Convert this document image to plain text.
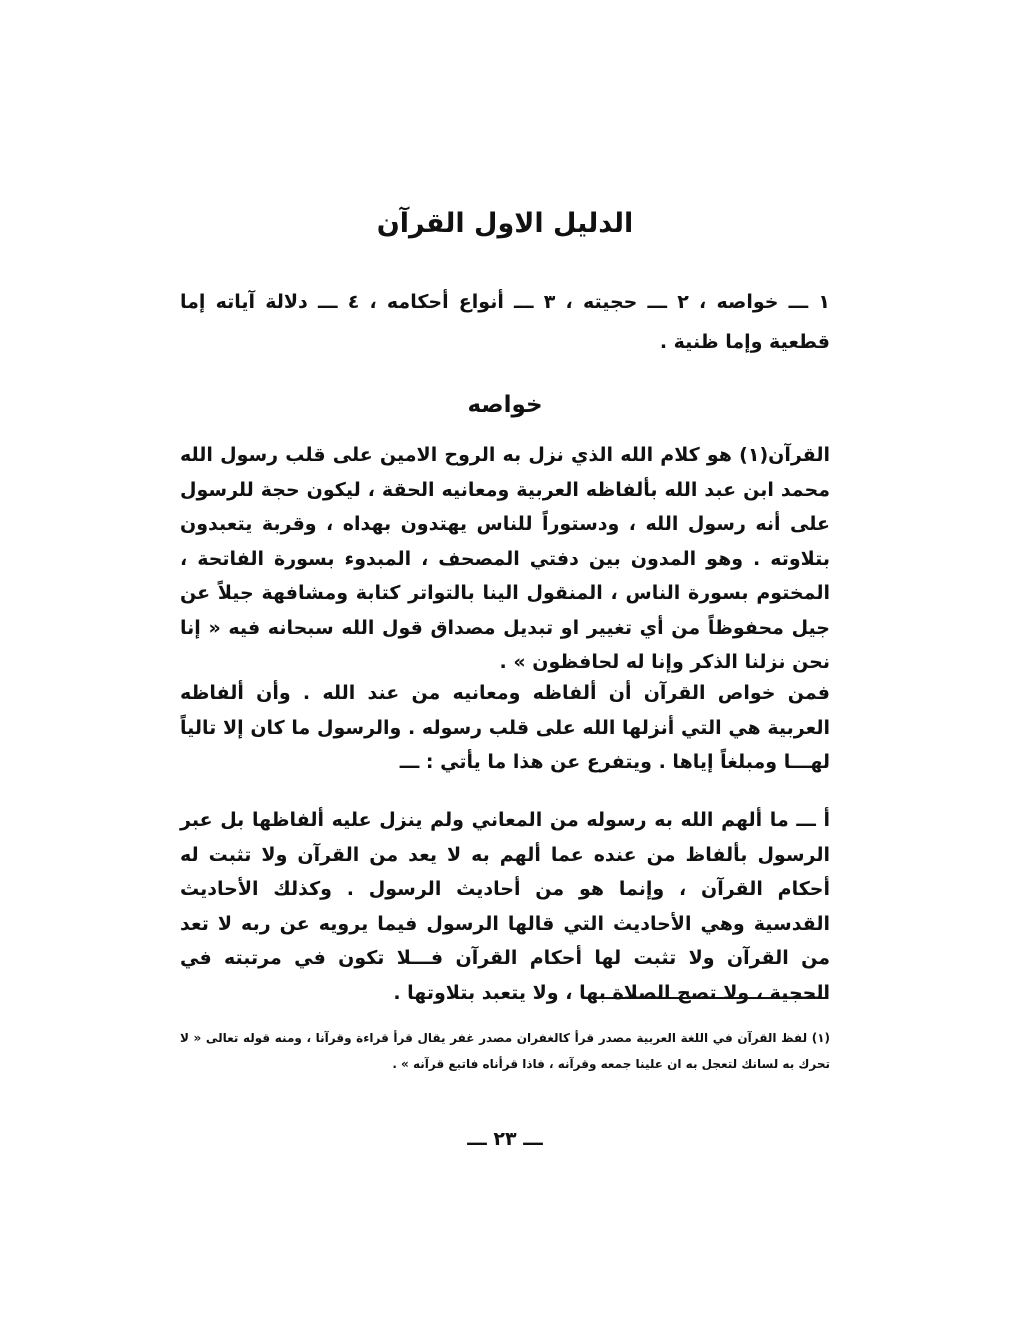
الدليل الاول القرآن
١ ـــ خواصه ، ٢ ـــ حجيته ، ٣ ـــ أنواع أحكامه ، ٤ ـــ دلالة آياته إما قطعية وإما ظنية .
خواصه
القرآن(١) هو كلام الله الذي نزل به الروح الامين على قلب رسول الله محمد ابن عبد الله بألفاظه العربية ومعانيه الحقة ، ليكون حجة للرسول على أنه رسول الله ، ودستوراً للناس يهتدون بهداه ، وقربة يتعبدون بتلاوته . وهو المدون بين دفتي المصحف ، المبدوء بسورة الفاتحة ، المختوم بسورة الناس ، المنقول الينا بالتواتر كتابة ومشافهة جيلاً عن جيل محفوظاً من أي تغيير او تبديل مصداق قول الله سبحانه فيه « إنا نحن نزلنا الذكر وإنا له لحافظون » .
فمن خواص القرآن أن ألفاظه ومعانيه من عند الله . وأن ألفاظه العربية هي التي أنزلها الله على قلب رسوله . والرسول ما كان إلا تالياً لهـــا ومبلغاً إياها . ويتفرع عن هذا ما يأتي : ـــ
أ ـــ ما ألهم الله به رسوله من المعاني ولم ينزل عليه ألفاظها بل عبر الرسول بألفاظ من عنده عما ألهم به لا يعد من القرآن ولا تثبت له أحكام القرآن ، وإنما هو من أحاديث الرسول . وكذلك الأحاديث القدسية وهي الأحاديث التي قالها الرسول فيما يرويه عن ربه لا تعد من القرآن ولا تثبت لها أحكام القرآن فـــلا تكون في مرتبته في الحجية ، ولا تصح الصلاة بها ، ولا يتعبد بتلاوتها .
(١) لفظ القرآن في اللغة العربية مصدر قرأ كالغفران مصدر غفر يقال قرأ قراءة وقرآنا ، ومنه قوله تعالى « لا تحرك به لسانك لتعجل به ان علينا جمعه وقرآنه ، فاذا قرأناه فاتبع قرآنه » .
ـــ ٢٣ ـــ
